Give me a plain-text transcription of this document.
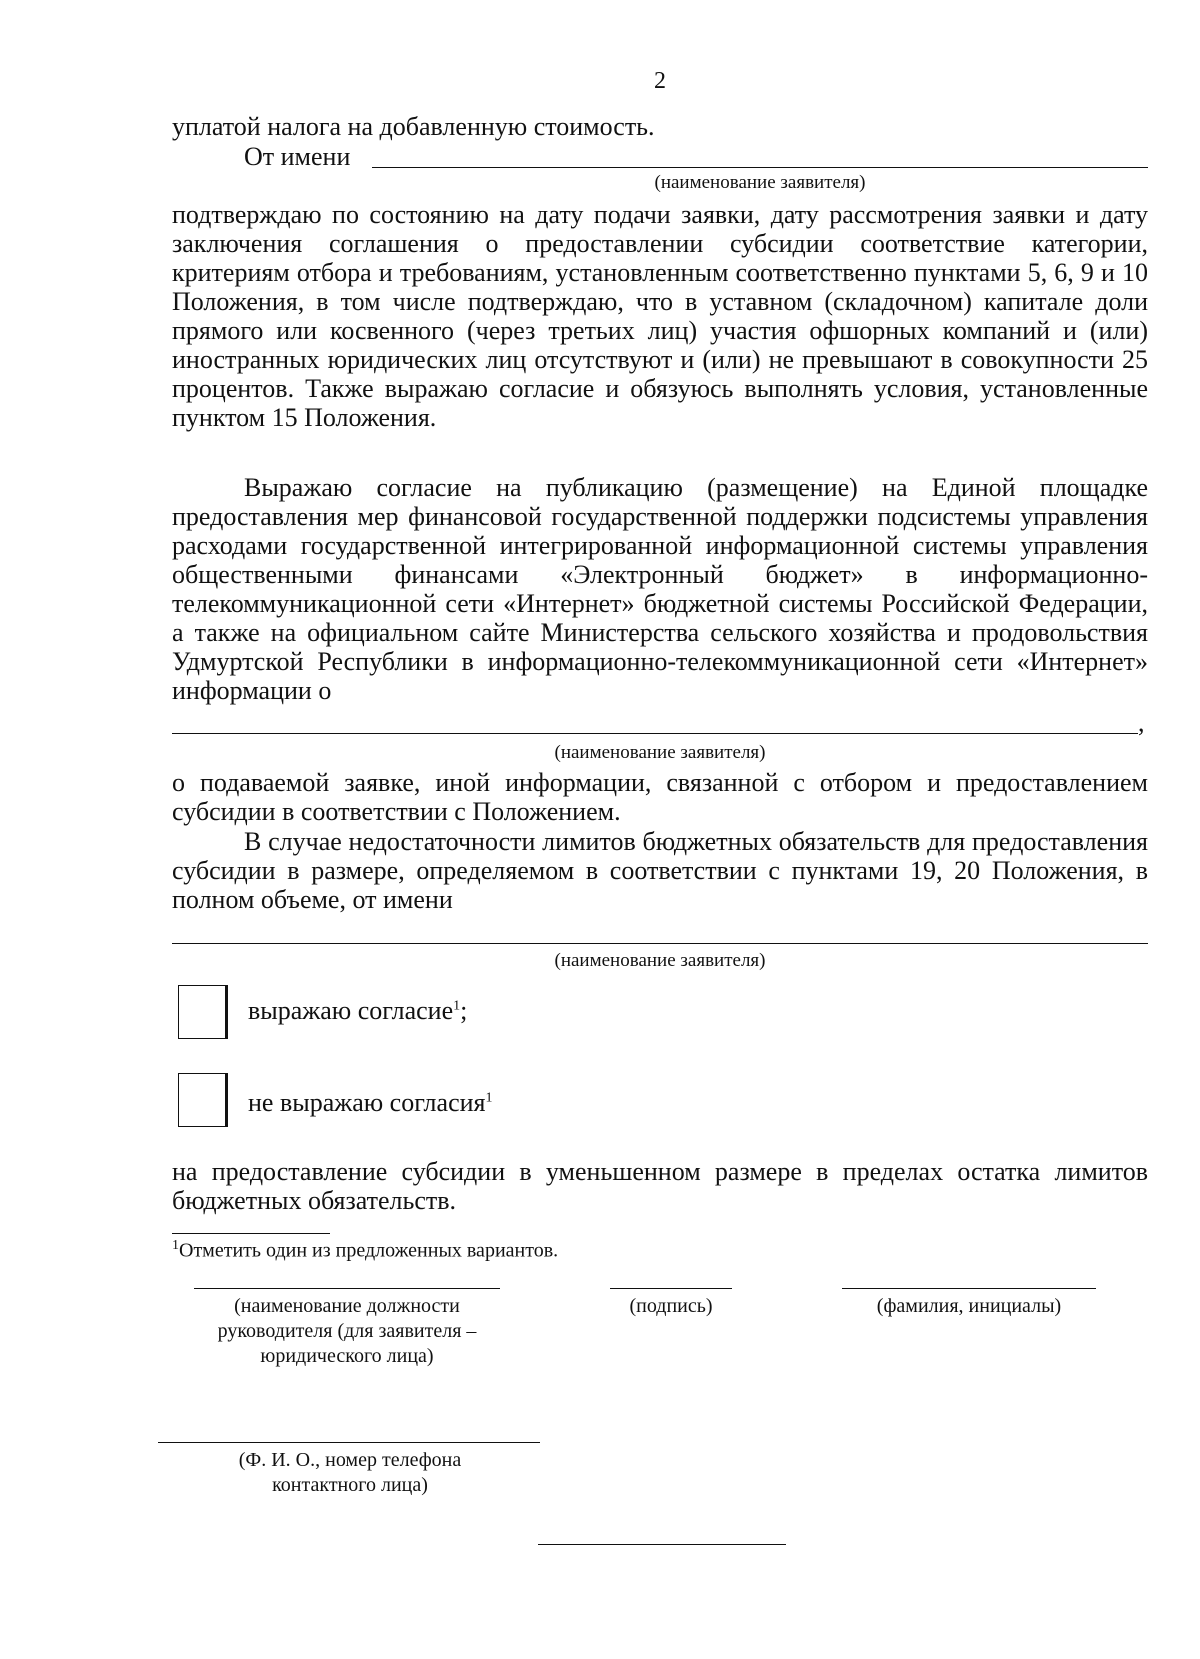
2

уплатой налога на добавленную стоимость.

От имени
(наименование заявителя)

подтверждаю по состоянию на дату подачи заявки, дату рассмотрения заявки и дату заключения соглашения о предоставлении субсидии соответствие категории, критериям отбора и требованиям, установленным соответственно пунктами 5, 6, 9 и 10 Положения, в том числе подтверждаю, что в уставном (складочном) капитале доли прямого или косвенного (через третьих лиц) участия офшорных компаний и (или) иностранных юридических лиц отсутствуют и (или) не превышают в совокупности 25 процентов. Также выражаю согласие и обязуюсь выполнять условия, установленные пунктом 15 Положения.

Выражаю согласие на публикацию (размещение) на Единой площадке предоставления мер финансовой государственной поддержки подсистемы управления расходами государственной интегрированной информационной системы управления общественными финансами «Электронный бюджет» в информационно-телекоммуникационной сети «Интернет» бюджетной системы Российской Федерации, а также на официальном сайте Министерства сельского хозяйства и продовольствия Удмуртской Республики в информационно-телекоммуникационной сети «Интернет» информации о

,
(наименование заявителя)

о подаваемой заявке, иной информации, связанной с отбором и предоставлением субсидии в соответствии с Положением.

В случае недостаточности лимитов бюджетных обязательств для предоставления субсидии в размере, определяемом в соответствии с пунктами 19, 20 Положения, в полном объеме, от имени

(наименование заявителя)
выражаю согласие$^1$;
не выражаю согласия$^1$

на предоставление субсидии в уменьшенном размере в пределах остатка лимитов бюджетных обязательств.

$^1$Отметить один из предложенных вариантов.
(наименование должности руководителя (для заявителя – юридического лица)
(подпись)	(фамилия, инициалы)
(Ф. И. О., номер телефона контактного лица)
